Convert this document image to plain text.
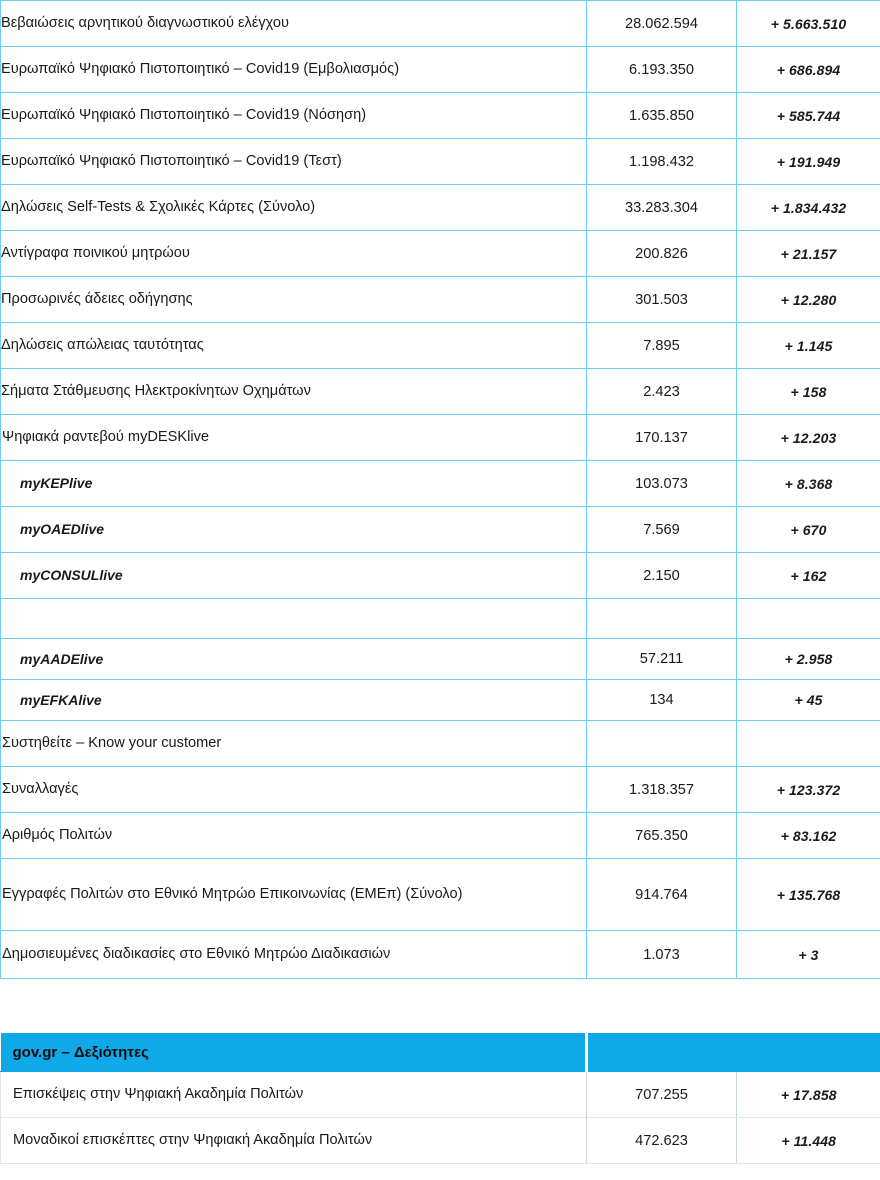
Βεβαιώσεις αρνητικού διαγνωστικού ελέγχου	28.062.594	+ 5.663.510
Ευρωπαϊκό Ψηφιακό Πιστοποιητικό – Covid19 (Εμβολιασμός)	6.193.350	+ 686.894
Ευρωπαϊκό Ψηφιακό Πιστοποιητικό – Covid19 (Νόσηση)	1.635.850	+ 585.744
Ευρωπαϊκό Ψηφιακό Πιστοποιητικό – Covid19 (Τεστ)	1.198.432	+ 191.949
Δηλώσεις Self-Tests & Σχολικές Κάρτες (Σύνολο)	33.283.304	+ 1.834.432
Αντίγραφα ποινικού μητρώου	200.826	+ 21.157
Προσωρινές άδειες οδήγησης	301.503	+ 12.280
Δηλώσεις απώλειας ταυτότητας	7.895	+ 1.145
Σήματα Στάθμευσης Ηλεκτροκίνητων Οχημάτων	2.423	+ 158
Ψηφιακά ραντεβού myDESKlive	170.137	+ 12.203
myKEPlive	103.073	+ 8.368
myOAEDlive	7.569	+ 670
myCONSULlive	2.150	+ 162

myAADElive	57.211	+ 2.958
myEFKAlive	134	+ 45
Συστηθείτε – Know your customer		
Συναλλαγές	1.318.357	+ 123.372
Αριθμός Πολιτών	765.350	+ 83.162
Εγγραφές Πολιτών στο Εθνικό Μητρώο Επικοινωνίας (ΕΜΕπ) (Σύνολο)	914.764	+ 135.768
Δημοσιευμένες διαδικασίες στο Εθνικό Μητρώο Διαδικασιών	1.073	+ 3
gov.gr – Δεξιότητες		
Επισκέψεις στην Ψηφιακή Ακαδημία Πολιτών	707.255	+ 17.858
Μοναδικοί επισκέπτες στην Ψηφιακή Ακαδημία Πολιτών	472.623	+ 11.448
